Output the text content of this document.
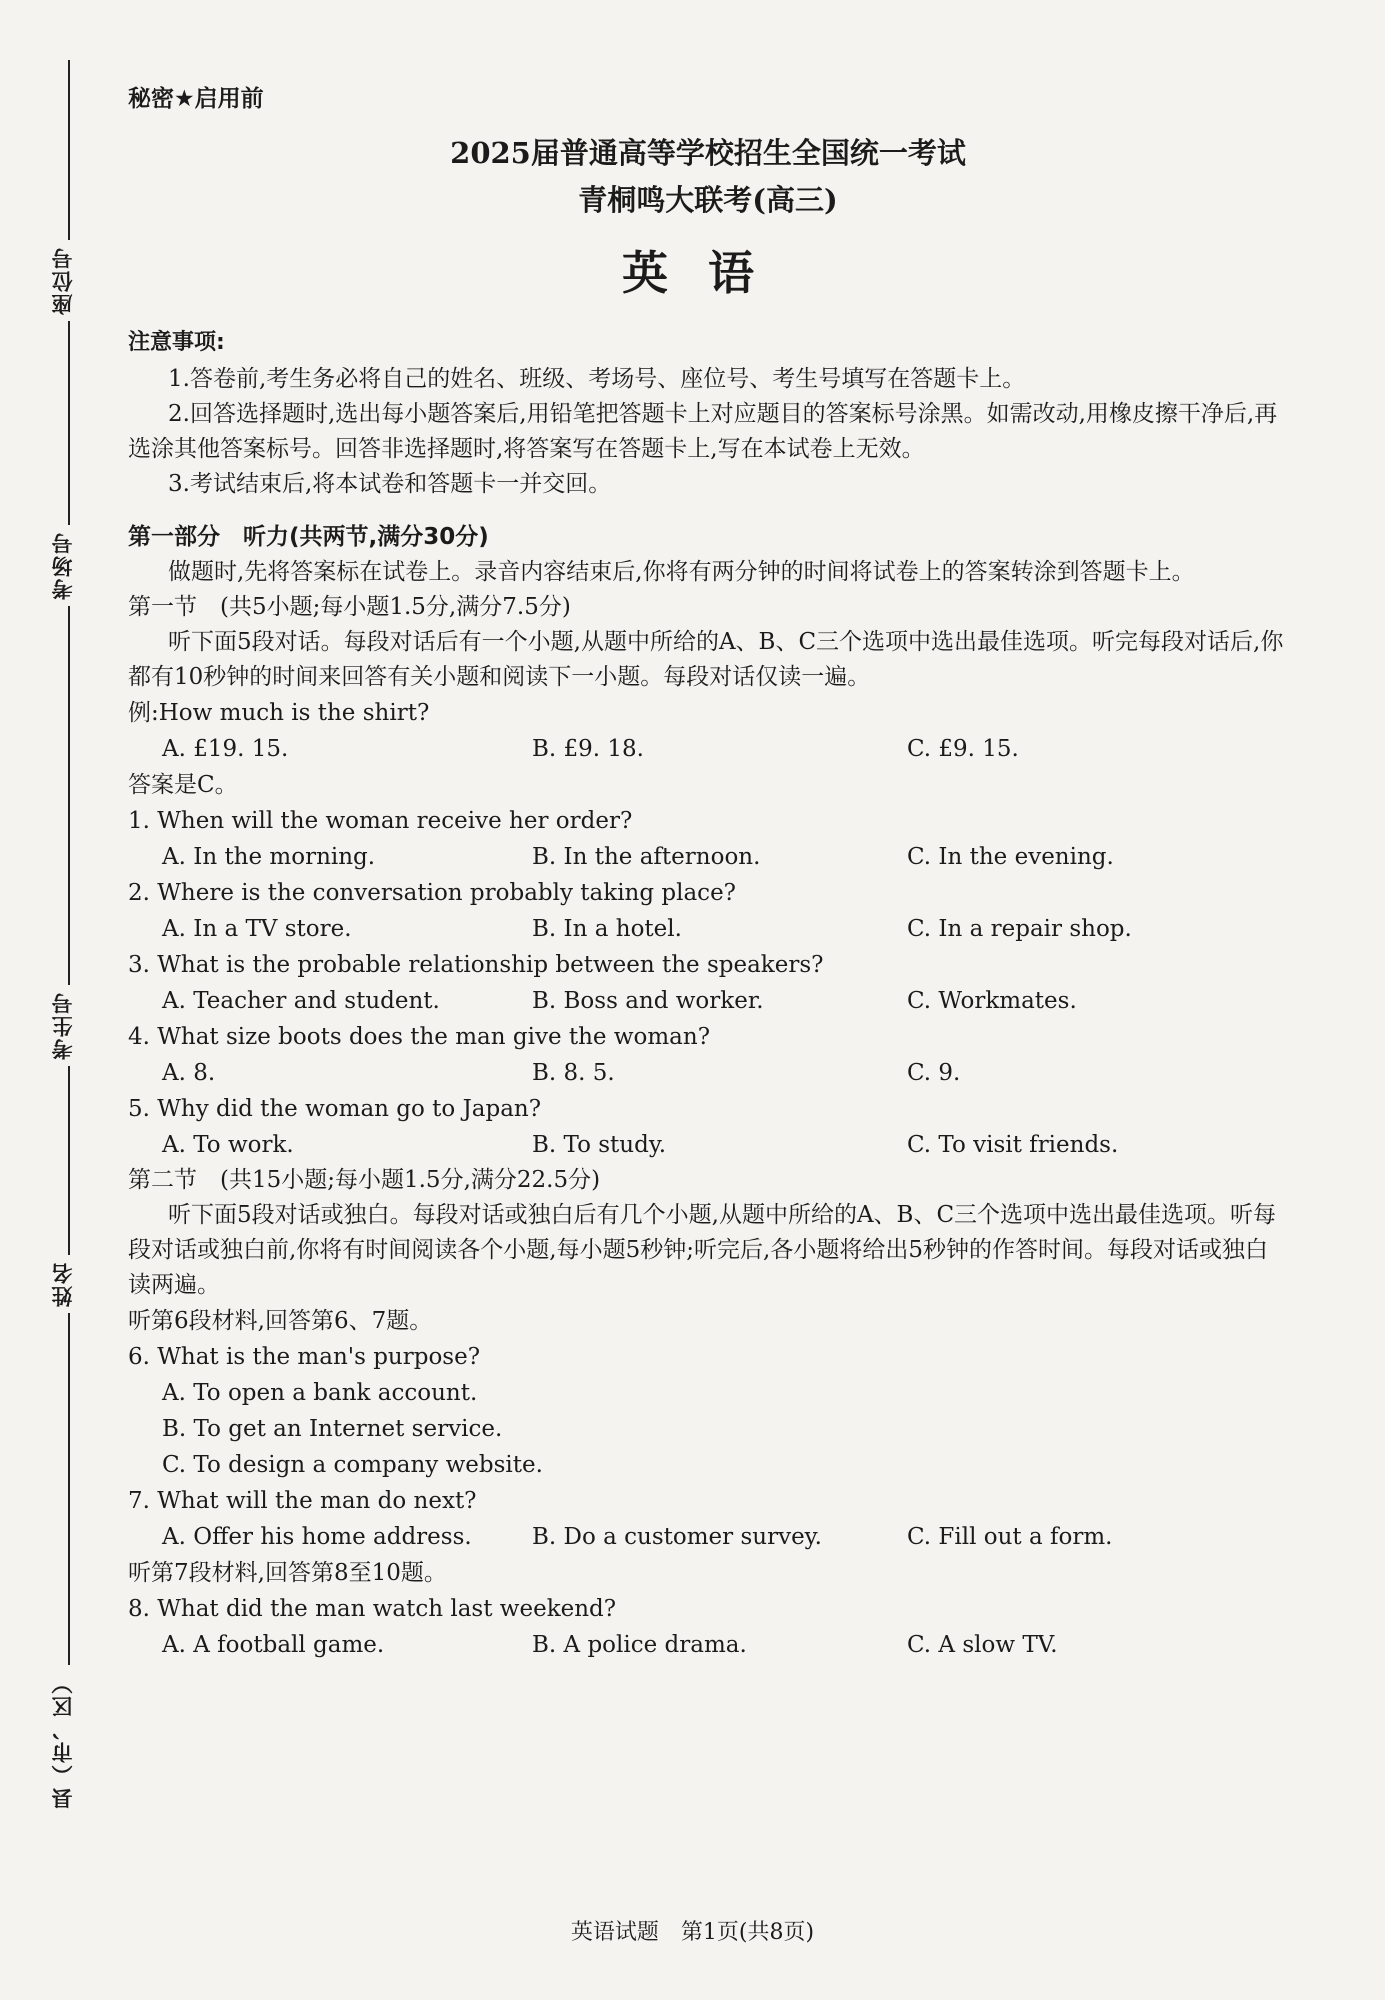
座位号
考场号
考生号
姓名
县（市、区）
秘密★启用前
2025届普通高等学校招生全国统一考试
青桐鸣大联考(高三)
英语
注意事项:

1.答卷前,考生务必将自己的姓名、班级、考场号、座位号、考生号填写在答题卡上。

2.回答选择题时,选出每小题答案后,用铅笔把答题卡上对应题目的答案标号涂黑。如需改动,用橡皮擦干净后,再选涂其他答案标号。回答非选择题时,将答案写在答题卡上,写在本试卷上无效。

3.考试结束后,将本试卷和答题卡一并交回。

第一部分　听力(共两节,满分30分)

做题时,先将答案标在试卷上。录音内容结束后,你将有两分钟的时间将试卷上的答案转涂到答题卡上。

第一节　(共5小题;每小题1.5分,满分7.5分)

听下面5段对话。每段对话后有一个小题,从题中所给的A、B、C三个选项中选出最佳选项。听完每段对话后,你都有10秒钟的时间来回答有关小题和阅读下一小题。每段对话仅读一遍。

例:How much is the shirt?

A. £19. 15.	B. £9. 18.	C. £9. 15.

答案是C。

1. When will the woman receive her order?

A. In the morning.	B. In the afternoon.	C. In the evening.

2. Where is the conversation probably taking place?

A. In a TV store.	B. In a hotel.	C. In a repair shop.

3. What is the probable relationship between the speakers?

A. Teacher and student.	B. Boss and worker.	C. Workmates.

4. What size boots does the man give the woman?

A. 8.	B. 8. 5.	C. 9.

5. Why did the woman go to Japan?

A. To work.	B. To study.	C. To visit friends.

第二节　(共15小题;每小题1.5分,满分22.5分)

听下面5段对话或独白。每段对话或独白后有几个小题,从题中所给的A、B、C三个选项中选出最佳选项。听每段对话或独白前,你将有时间阅读各个小题,每小题5秒钟;听完后,各小题将给出5秒钟的作答时间。每段对话或独白读两遍。

听第6段材料,回答第6、7题。

6. What is the man's purpose?

A. To open a bank account.
B. To get an Internet service.
C. To design a company website.

7. What will the man do next?

A. Offer his home address.	B. Do a customer survey.	C. Fill out a form.

听第7段材料,回答第8至10题。

8. What did the man watch last weekend?

A. A football game.	B. A police drama.	C. A slow TV.
英语试题　第1页(共8页)
